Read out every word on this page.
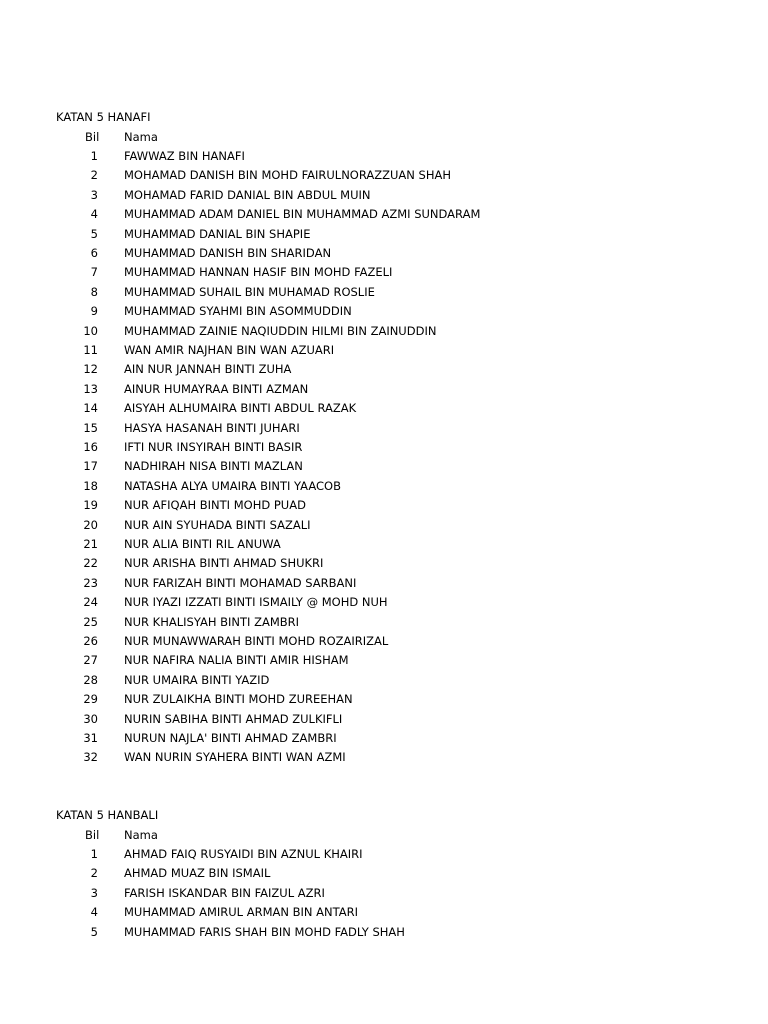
KATAN 5 HANAFI
Bil Nama
1 FAWWAZ BIN HANAFI
2 MOHAMAD DANISH BIN MOHD FAIRULNORAZZUAN SHAH
3 MOHAMAD FARID DANIAL BIN ABDUL MUIN
4 MUHAMMAD ADAM DANIEL BIN MUHAMMAD AZMI SUNDARAM
5 MUHAMMAD DANIAL BIN SHAPIE
6 MUHAMMAD DANISH BIN SHARIDAN
7 MUHAMMAD HANNAN HASIF BIN MOHD FAZELI
8 MUHAMMAD SUHAIL BIN MUHAMAD ROSLIE
9 MUHAMMAD SYAHMI BIN ASOMMUDDIN
10 MUHAMMAD ZAINIE NAQIUDDIN HILMI BIN ZAINUDDIN
11 WAN AMIR NAJHAN BIN WAN AZUARI
12 AIN NUR JANNAH BINTI ZUHA
13 AINUR HUMAYRAA BINTI AZMAN
14 AISYAH ALHUMAIRA BINTI ABDUL RAZAK
15 HASYA HASANAH BINTI JUHARI
16 IFTI NUR INSYIRAH BINTI BASIR
17 NADHIRAH NISA BINTI MAZLAN
18 NATASHA ALYA UMAIRA BINTI YAACOB
19 NUR AFIQAH BINTI MOHD PUAD
20 NUR AIN SYUHADA BINTI SAZALI
21 NUR ALIA BINTI RIL ANUWA
22 NUR ARISHA BINTI AHMAD SHUKRI
23 NUR FARIZAH BINTI MOHAMAD SARBANI
24 NUR IYAZI IZZATI BINTI ISMAILY @ MOHD NUH
25 NUR KHALISYAH BINTI ZAMBRI
26 NUR MUNAWWARAH BINTI MOHD ROZAIRIZAL
27 NUR NAFIRA NALIA BINTI AMIR HISHAM
28 NUR UMAIRA BINTI YAZID
29 NUR ZULAIKHA BINTI MOHD ZUREEHAN
30 NURIN SABIHA BINTI AHMAD ZULKIFLI
31 NURUN NAJLA' BINTI AHMAD ZAMBRI
32 WAN NURIN SYAHERA BINTI WAN AZMI
KATAN 5 HANBALI
Bil Nama
1 AHMAD FAIQ RUSYAIDI BIN AZNUL KHAIRI
2 AHMAD MUAZ BIN ISMAIL
3 FARISH ISKANDAR BIN FAIZUL AZRI
4 MUHAMMAD AMIRUL ARMAN BIN ANTARI
5 MUHAMMAD FARIS SHAH BIN MOHD FADLY SHAH
